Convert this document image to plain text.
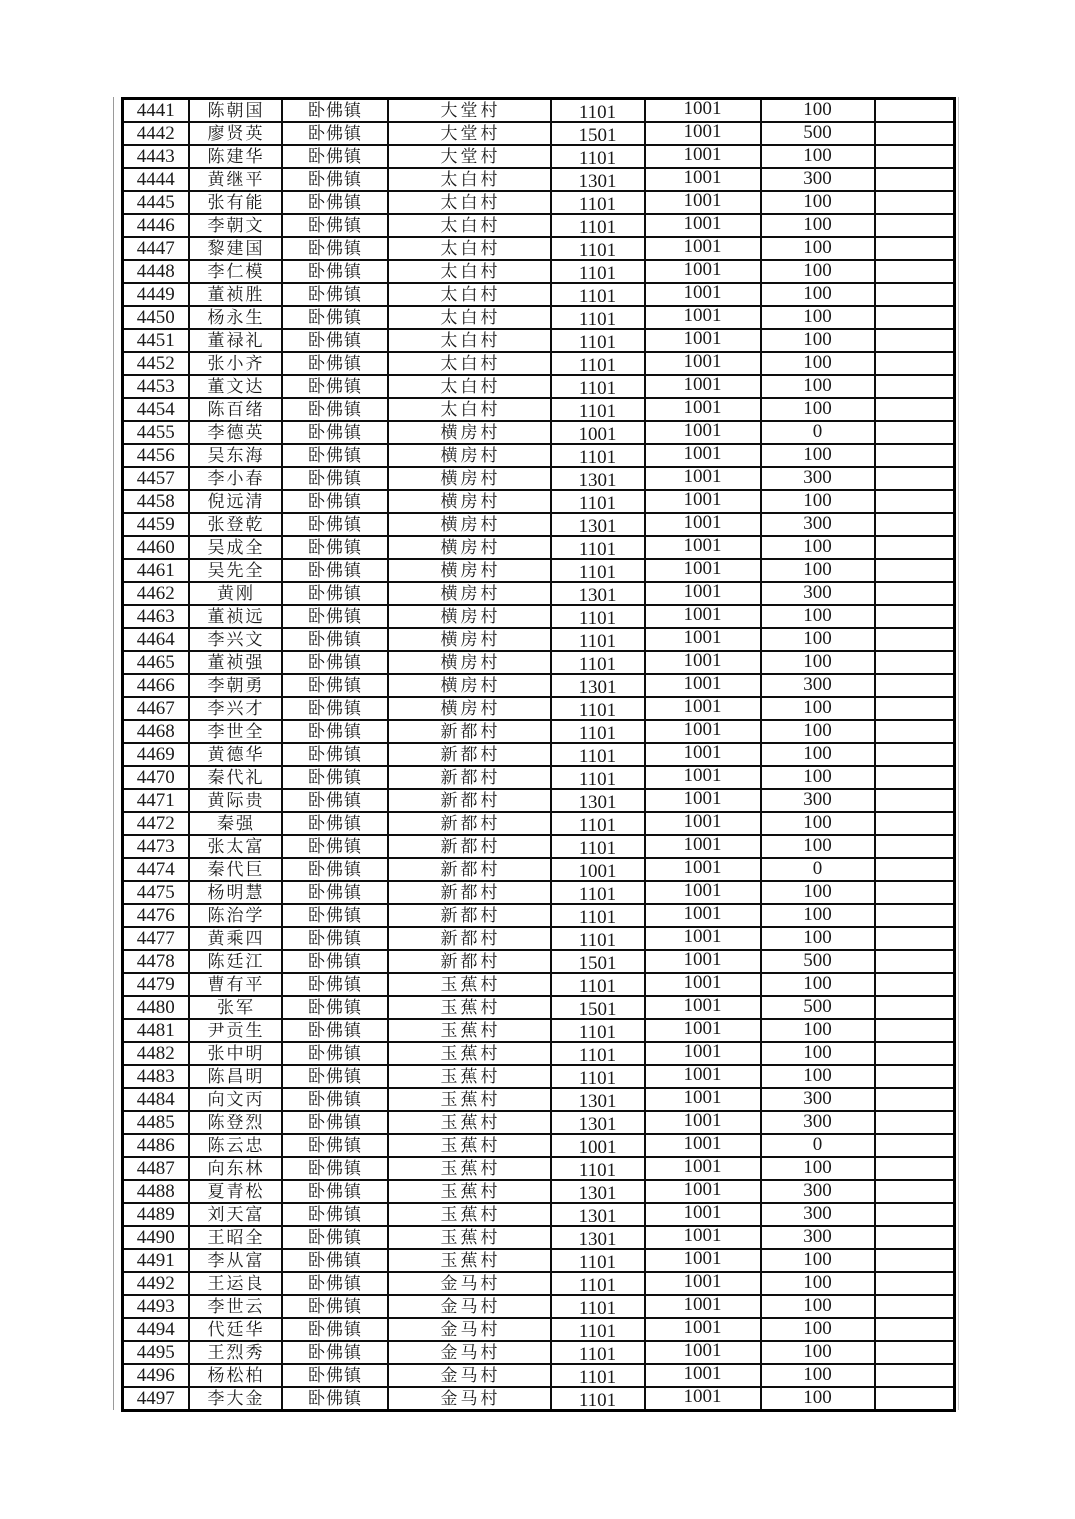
4441	陈朝国	卧佛镇	大堂村	1101	1001	100	
4442	廖贤英	卧佛镇	大堂村	1501	1001	500	
4443	陈建华	卧佛镇	大堂村	1101	1001	100	
4444	黄继平	卧佛镇	太白村	1301	1001	300	
4445	张有能	卧佛镇	太白村	1101	1001	100	
4446	李朝文	卧佛镇	太白村	1101	1001	100	
4447	黎建国	卧佛镇	太白村	1101	1001	100	
4448	李仁模	卧佛镇	太白村	1101	1001	100	
4449	董祯胜	卧佛镇	太白村	1101	1001	100	
4450	杨永生	卧佛镇	太白村	1101	1001	100	
4451	董禄礼	卧佛镇	太白村	1101	1001	100	
4452	张小齐	卧佛镇	太白村	1101	1001	100	
4453	董文达	卧佛镇	太白村	1101	1001	100	
4454	陈百绪	卧佛镇	太白村	1101	1001	100	
4455	李德英	卧佛镇	横房村	1001	1001	0	
4456	吴东海	卧佛镇	横房村	1101	1001	100	
4457	李小春	卧佛镇	横房村	1301	1001	300	
4458	倪远清	卧佛镇	横房村	1101	1001	100	
4459	张登乾	卧佛镇	横房村	1301	1001	300	
4460	吴成全	卧佛镇	横房村	1101	1001	100	
4461	吴先全	卧佛镇	横房村	1101	1001	100	
4462	黄刚	卧佛镇	横房村	1301	1001	300	
4463	董祯远	卧佛镇	横房村	1101	1001	100	
4464	李兴文	卧佛镇	横房村	1101	1001	100	
4465	董祯强	卧佛镇	横房村	1101	1001	100	
4466	李朝勇	卧佛镇	横房村	1301	1001	300	
4467	李兴才	卧佛镇	横房村	1101	1001	100	
4468	李世全	卧佛镇	新都村	1101	1001	100	
4469	黄德华	卧佛镇	新都村	1101	1001	100	
4470	秦代礼	卧佛镇	新都村	1101	1001	100	
4471	黄际贵	卧佛镇	新都村	1301	1001	300	
4472	秦强	卧佛镇	新都村	1101	1001	100	
4473	张太富	卧佛镇	新都村	1101	1001	100	
4474	秦代巨	卧佛镇	新都村	1001	1001	0	
4475	杨明慧	卧佛镇	新都村	1101	1001	100	
4476	陈治学	卧佛镇	新都村	1101	1001	100	
4477	黄乘四	卧佛镇	新都村	1101	1001	100	
4478	陈廷江	卧佛镇	新都村	1501	1001	500	
4479	曹有平	卧佛镇	玉蕉村	1101	1001	100	
4480	张军	卧佛镇	玉蕉村	1501	1001	500	
4481	尹贡生	卧佛镇	玉蕉村	1101	1001	100	
4482	张中明	卧佛镇	玉蕉村	1101	1001	100	
4483	陈昌明	卧佛镇	玉蕉村	1101	1001	100	
4484	向文丙	卧佛镇	玉蕉村	1301	1001	300	
4485	陈登烈	卧佛镇	玉蕉村	1301	1001	300	
4486	陈云忠	卧佛镇	玉蕉村	1001	1001	0	
4487	向东林	卧佛镇	玉蕉村	1101	1001	100	
4488	夏青松	卧佛镇	玉蕉村	1301	1001	300	
4489	刘天富	卧佛镇	玉蕉村	1301	1001	300	
4490	王昭全	卧佛镇	玉蕉村	1301	1001	300	
4491	李从富	卧佛镇	玉蕉村	1101	1001	100	
4492	王运良	卧佛镇	金马村	1101	1001	100	
4493	李世云	卧佛镇	金马村	1101	1001	100	
4494	代廷华	卧佛镇	金马村	1101	1001	100	
4495	王烈秀	卧佛镇	金马村	1101	1001	100	
4496	杨松柏	卧佛镇	金马村	1101	1001	100	
4497	李大金	卧佛镇	金马村	1101	1001	100	
